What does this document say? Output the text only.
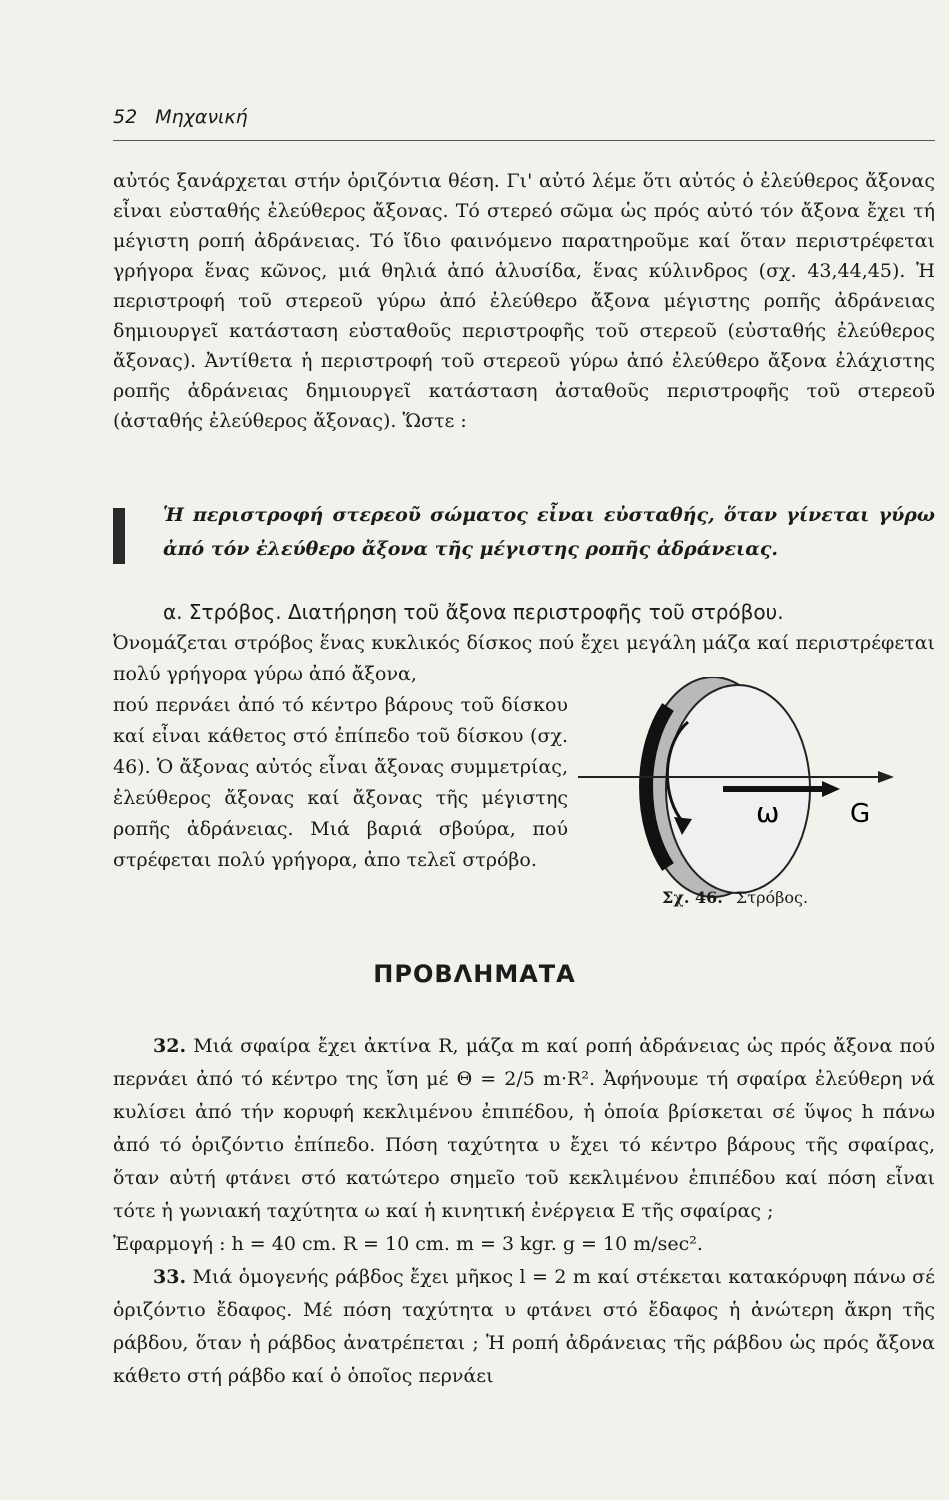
52 Μηχανική

αὐτός ξανάρχεται στήν ὁριζόντια θέση. Γι' αὐτό λέμε ὅτι αὐτός ὁ ἐλεύθερος ἄξονας εἶναι εὐσταθής ἐλεύθερος ἄξονας. Τό στερεό σῶμα ὡς πρός αὐτό τόν ἄξονα ἔχει τή μέγιστη ροπή ἀδράνειας. Τό ἴδιο φαινόμενο παρατηροῦμε καί ὅταν περιστρέφεται γρήγορα ἕνας κῶνος, μιά θηλιά ἀπό ἁλυσίδα, ἕνας κύλινδρος (σχ. 43,44,45). Ἡ περιστροφή τοῦ στερεοῦ γύρω ἀπό ἐλεύθερο ἄξονα μέγιστης ροπῆς ἀδράνειας δημιουργεῖ κατάσταση εὐσταθοῦς περιστροφῆς τοῦ στερεοῦ (εὐσταθής ἐλεύθερος ἄξονας). Ἀντίθετα ἡ περιστροφή τοῦ στερεοῦ γύρω ἀπό ἐλεύθερο ἄξονα ἐλάχιστης ροπῆς ἀδράνειας δημιουργεῖ κατάσταση ἀσταθοῦς περιστροφῆς τοῦ στερεοῦ (ἀσταθής ἐλεύθερος ἄξονας). Ὥστε :

Ἡ περιστροφή στερεοῦ σώματος εἶναι εὐσταθής, ὅταν γίνεται γύρω ἀπό τόν ἐλεύθερο ἄξονα τῆς μέγιστης ροπῆς ἀδράνειας.

α. Στρόβος. Διατήρηση τοῦ ἄξονα περιστροφῆς τοῦ στρόβου.

Ὀνομάζεται στρόβος ἕνας κυκλικός δίσκος πού ἔχει μεγάλη μάζα καί περιστρέφεται πολύ γρήγορα γύρω ἀπό ἄξονα,

πού περνάει ἀπό τό κέντρο βάρους τοῦ δίσκου καί εἶναι κάθετος στό ἐπίπεδο τοῦ δίσκου (σχ. 46). Ὁ ἄξονας αὐτός εἶναι ἄξονας συμμετρίας, ἐλεύθερος ἄξονας καί ἄξονας τῆς μέγιστης ροπῆς ἀδράνειας. Μιά βαριά σβούρα, πού στρέφεται πολύ γρήγορα, ἀπο τελεῖ στρόβο.

ω	G
Σχ. 46. Στρόβος.
ΠΡΟΒΛΗΜΑΤΑ

32. Μιά σφαίρα ἔχει ἀκτίνα R, μάζα m καί ροπή ἀδράνειας ὡς πρός ἄξονα πού περνάει ἀπό τό κέντρο της ἴση μέ Θ = 2/5 m·R². Ἀφήνουμε τή σφαίρα ἐλεύθερη νά κυλίσει ἀπό τήν κορυφή κεκλιμένου ἐπιπέδου, ἡ ὁποία βρίσκεται σέ ὕψος h πάνω ἀπό τό ὁριζόντιο ἐπίπεδο. Πόση ταχύτητα υ ἔχει τό κέντρο βάρους τῆς σφαίρας, ὅταν αὐτή φτάνει στό κατώτερο σημεῖο τοῦ κεκλιμένου ἐπιπέδου καί πόση εἶναι τότε ἡ γωνιακή ταχύτητα ω καί ἡ κινητική ἐνέργεια Ε τῆς σφαίρας ;

Ἐφαρμογή : h = 40 cm. R = 10 cm. m = 3 kgr. g = 10 m/sec².

33. Μιά ὁμογενής ράβδος ἔχει μῆκος l = 2 m καί στέκεται κατακόρυφη πάνω σέ ὁριζόντιο ἔδαφος. Μέ πόση ταχύτητα υ φτάνει στό ἔδαφος ἡ ἀνώτερη ἄκρη τῆς ράβδου, ὅταν ἡ ράβδος ἀνατρέπεται ; Ἡ ροπή ἀδράνειας τῆς ράβδου ὡς πρός ἄξονα κάθετο στή ράβδο καί ὁ ὁποῖος περνάει
